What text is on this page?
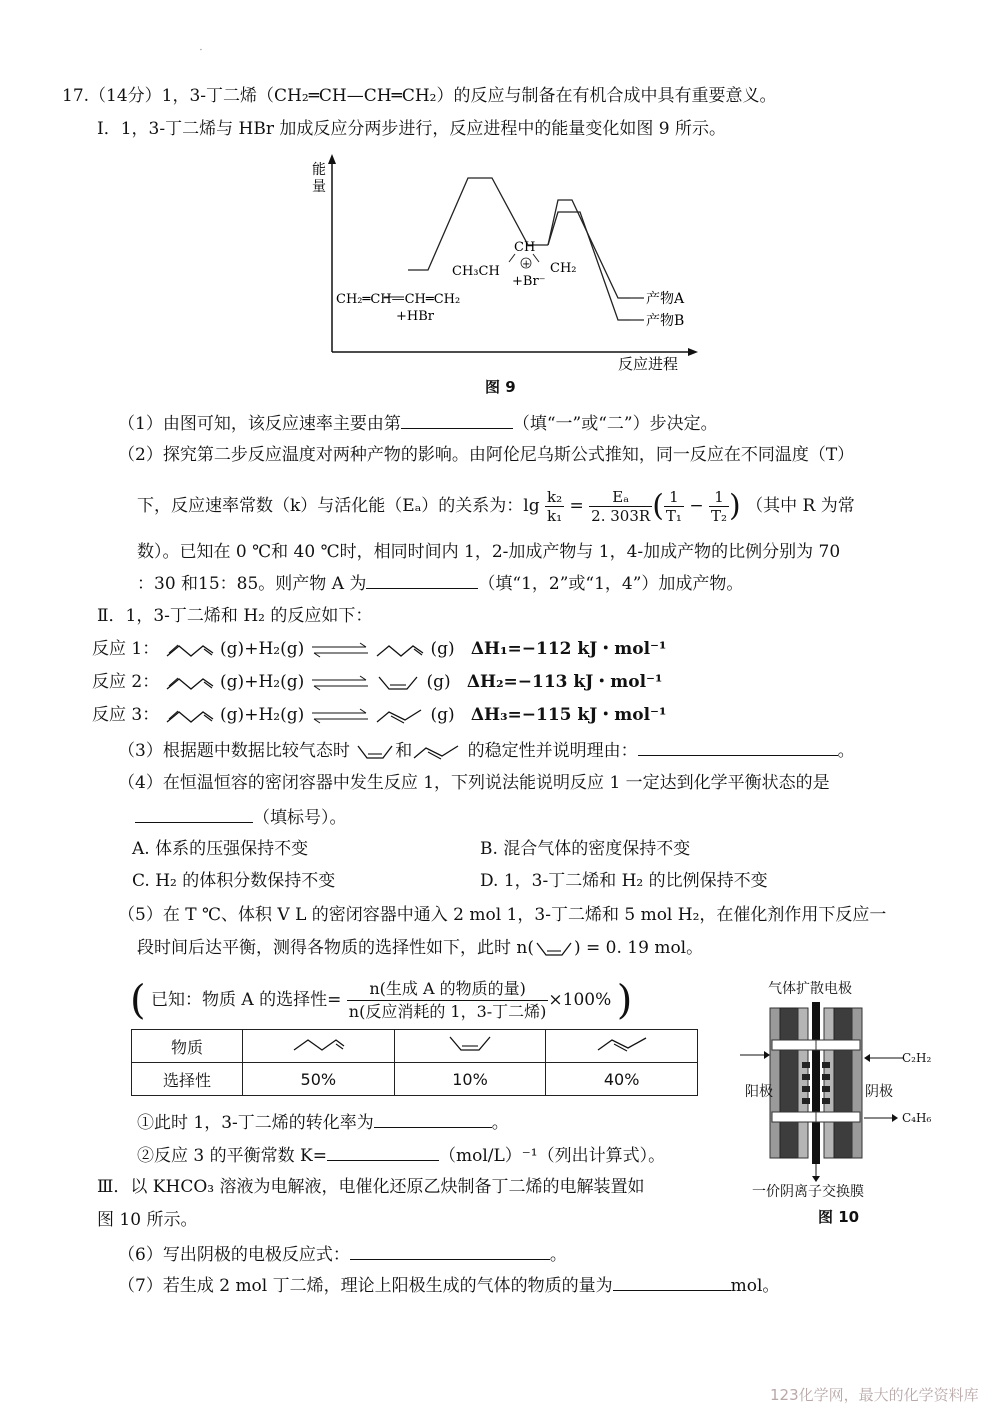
17.（14分）1，3-丁二烯（CH₂═CH—CH═CH₂）的反应与制备在有机合成中具有重要意义。
Ⅰ．1，3-丁二烯与 HBr 加成反应分两步进行，反应进程中的能量变化如图 9 所示。
能
量
能量
反应进程
CH₂═CH—CH═CH₂
+HBr
CH
CH₃CH	CH₂
+
+Br⁻
产物A
产物B
图 9
（1）由图可知，该反应速率主要由第	（填“一”或“二”）步决定。
（2）探究第二步反应温度对两种产物的影响。由阿伦尼乌斯公式推知，同一反应在不同温度（T）
下，反应速率常数（k）与活化能（Eₐ）的关系为：$\lg \frac{\text{k₂}}{\text{k₁}} = \frac{\text{Eₐ}}{2. 303R}$ ( $\frac{1}{\text{T₁}} - \frac{1}{\text{T₂}}$ ) （其中 R 为常
数）。已知在 0 ℃和 40 ℃时，相同时间内 1，2-加成产物与 1，4-加成产物的比例分别为 70
：30 和15：85。则产物 A 为	（填“1，2”或“1，4”）加成产物。
Ⅱ．1，3-丁二烯和 H₂ 的反应如下：
反应 1：	(g)+H₂(g) ⇌	(g) ΔH₁=−112 kJ・mol⁻¹
反应 2：	(g)+H₂(g) ⇌	(g) ΔH₂=−113 kJ・mol⁻¹
反应 3：	(g)+H₂(g) ⇌	(g) ΔH₃=−115 kJ・mol⁻¹
（3）根据题中数据比较气态时	和	的稳定性并说明理由：	。
（4）在恒温恒容的密闭容器中发生反应 1，下列说法能说明反应 1 一定达到化学平衡状态的是
（填标号）。
A. 体系的压强保持不变	B. 混合气体的密度保持不变
C. H₂ 的体积分数保持不变	D. 1，3-丁二烯和 H₂ 的比例保持不变
（5）在 T ℃、体积 V L 的密闭容器中通入 2 mol 1，3-丁二烯和 5 mol H₂，在催化剂作用下反应一
段时间后达平衡，测得各物质的选择性如下，此时 n( ) = 0. 19 mol。
( 已知：物质 A 的选择性= $\frac{\text{n(生成 A 的物质的量)}}{\text{n(反应消耗的 1，3-丁二烯)}} \times 100\%$ )
物质			
选择性	50%	10%	40%
①此时 1，3-丁二烯的转化率为	。
②反应 3 的平衡常数 K=	（mol/L）⁻¹（列出计算式）。
Ⅲ．以 KHCO₃ 溶液为电解液，电催化还原乙炔制备丁二烯的电解装置如
图 10 所示。
气体扩散电极
阳极	阴极
C₂H₂
C₄H₆
一价阴离子交换膜
图 10
（6）写出阴极的电极反应式：	。
（7）若生成 2 mol 丁二烯，理论上阳极生成的气体的物质的量为	mol。
123化学网，最大的化学资料库
